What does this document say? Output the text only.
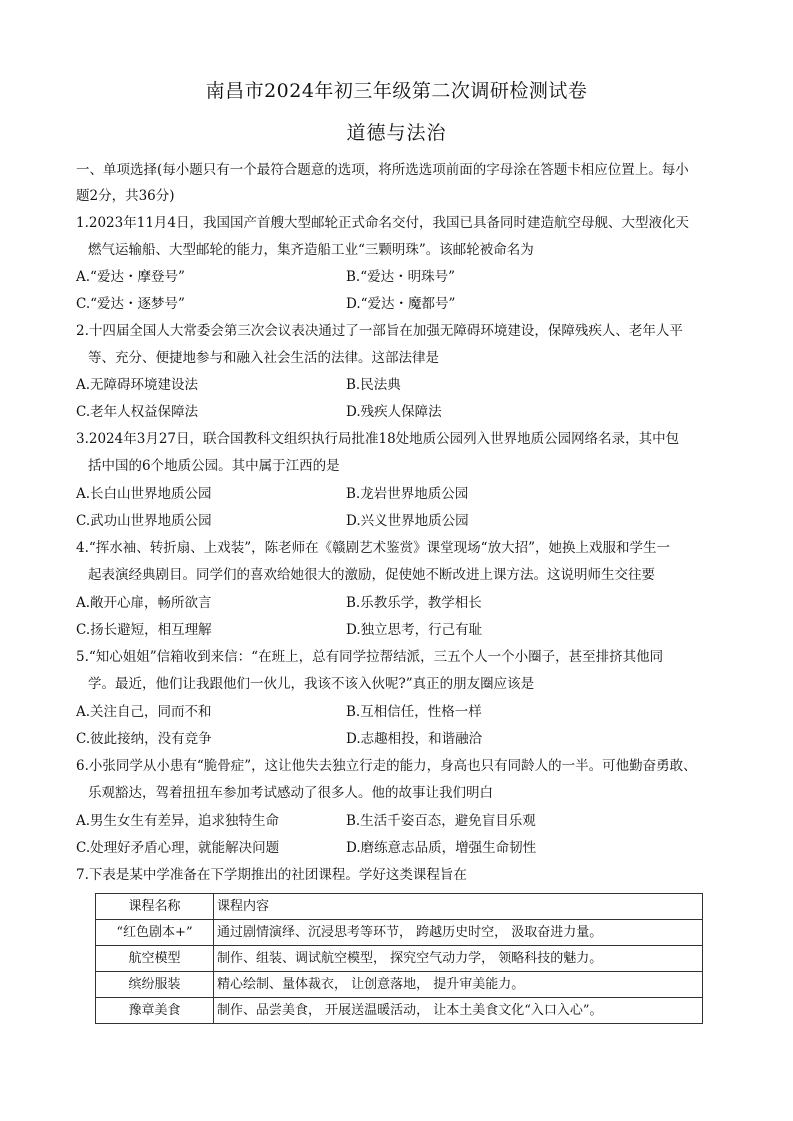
南昌市2024年初三年级第二次调研检测试卷
道德与法治
一、单项选择(每小题只有一个最符合题意的选项，将所选选项前面的字母涂在答题卡相应位置上。每小
题2分，共36分)
1.2023年11月4日，我国国产首艘大型邮轮正式命名交付，我国已具备同时建造航空母舰、大型液化天
燃气运输船、大型邮轮的能力，集齐造船工业“三颗明珠”。该邮轮被命名为
A.“爱达・摩登号”	B.“爱达・明珠号”
C.“爱达・逐梦号”	D.“爱达・魔都号”
2.十四届全国人大常委会第三次会议表决通过了一部旨在加强无障碍环境建设，保障残疾人、老年人平
等、充分、便捷地参与和融入社会生活的法律。这部法律是
A.无障碍环境建设法	B.民法典
C.老年人权益保障法	D.残疾人保障法
3.2024年3月27日，联合国教科文组织执行局批准18处地质公园列入世界地质公园网络名录，其中包
括中国的6个地质公园。其中属于江西的是
A.长白山世界地质公园	B.龙岩世界地质公园
C.武功山世界地质公园	D.兴义世界地质公园
4.“挥水袖、转折扇、上戏装”，陈老师在《赣剧艺术鉴赏》课堂现场“放大招”，她换上戏服和学生一
起表演经典剧目。同学们的喜欢给她很大的激励，促使她不断改进上课方法。这说明师生交往要
A.敞开心扉，畅所欲言	B.乐教乐学，教学相长
C.扬长避短，相互理解	D.独立思考，行己有耻
5.“知心姐姐”信箱收到来信：“在班上，总有同学拉帮结派，三五个人一个小圈子，甚至排挤其他同
学。最近，他们让我跟他们一伙儿，我该不该入伙呢?”真正的朋友圈应该是
A.关注自己，同而不和	B.互相信任，性格一样
C.彼此接纳，没有竞争	D.志趣相投，和谐融洽
6.小张同学从小患有“脆骨症”，这让他失去独立行走的能力，身高也只有同龄人的一半。可他勤奋勇敢、
乐观豁达，驾着扭扭车参加考试感动了很多人。他的故事让我们明白
A.男生女生有差异，追求独特生命	B.生活千姿百态，避免盲目乐观
C.处理好矛盾心理，就能解决问题	D.磨练意志品质，增强生命韧性
7.下表是某中学准备在下学期推出的社团课程。学好这类课程旨在
课程名称	课程内容
“红色剧本+”	通过剧情演绎、沉浸思考等环节， 跨越历史时空， 汲取奋进力量。
航空模型	制作、组装、调试航空模型， 探究空气动力学， 领略科技的魅力。
缤纷服装	精心绘制、量体裁衣， 让创意落地， 提升审美能力。
豫章美食	制作、品尝美食， 开展送温暖活动， 让本土美食文化“入口入心”。
